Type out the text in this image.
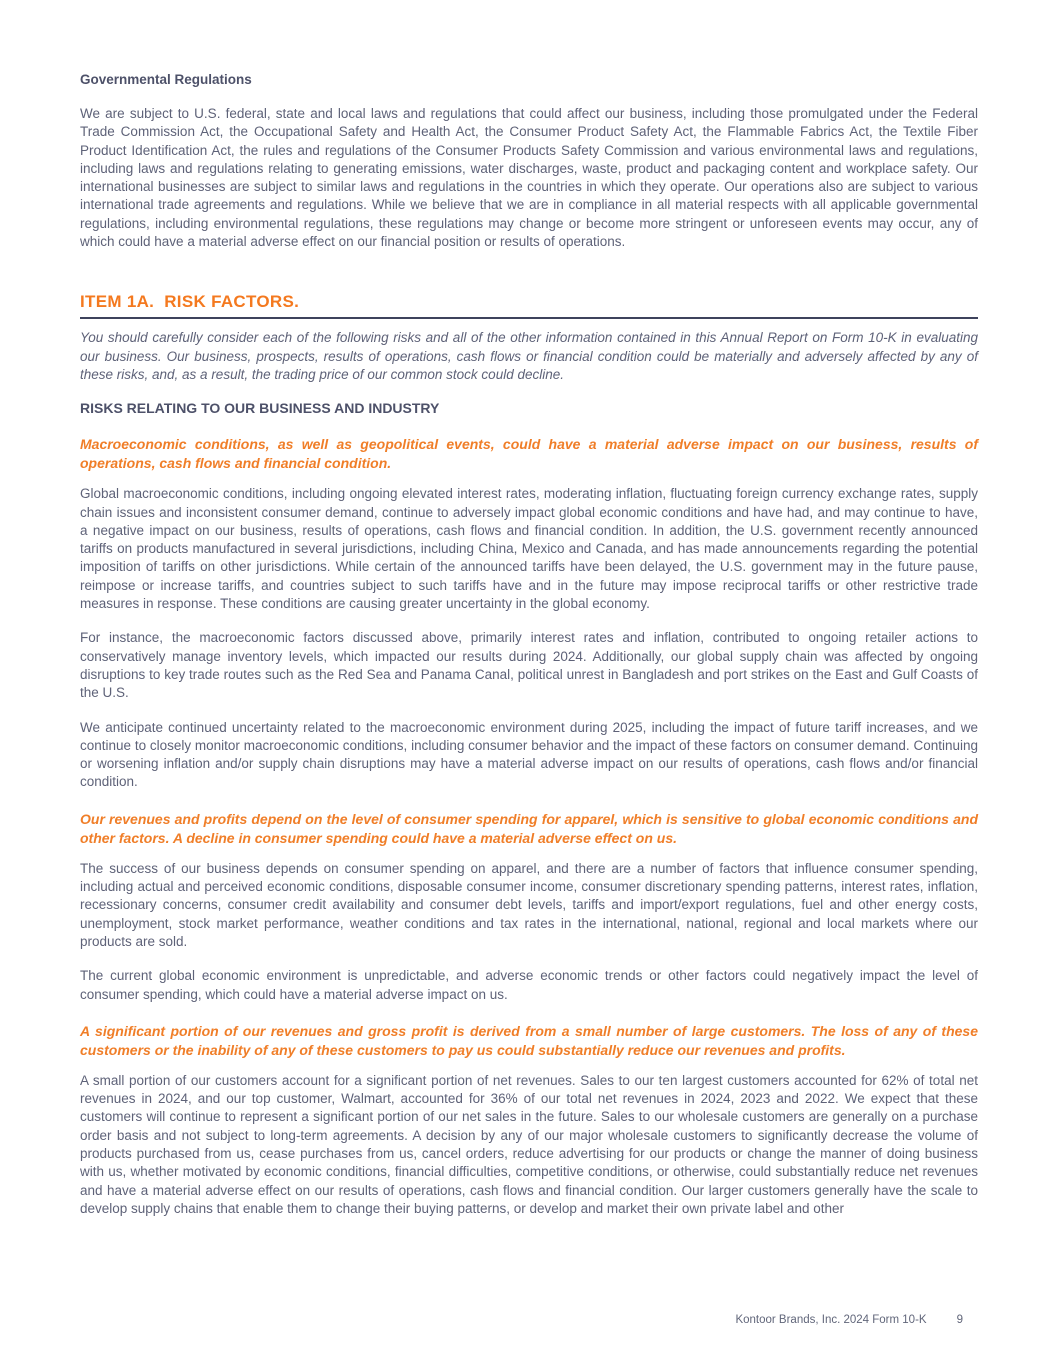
Governmental Regulations

We are subject to U.S. federal, state and local laws and regulations that could affect our business, including those promulgated under the Federal Trade Commission Act, the Occupational Safety and Health Act, the Consumer Product Safety Act, the Flammable Fabrics Act, the Textile Fiber Product Identification Act, the rules and regulations of the Consumer Products Safety Commission and various environmental laws and regulations, including laws and regulations relating to generating emissions, water discharges, waste, product and packaging content and workplace safety. Our international businesses are subject to similar laws and regulations in the countries in which they operate. Our operations also are subject to various international trade agreements and regulations. While we believe that we are in compliance in all material respects with all applicable governmental regulations, including environmental regulations, these regulations may change or become more stringent or unforeseen events may occur, any of which could have a material adverse effect on our financial position or results of operations.

ITEM 1A.  RISK FACTORS.

You should carefully consider each of the following risks and all of the other information contained in this Annual Report on Form 10-K in evaluating our business. Our business, prospects, results of operations, cash flows or financial condition could be materially and adversely affected by any of these risks, and, as a result, the trading price of our common stock could decline.

RISKS RELATING TO OUR BUSINESS AND INDUSTRY
Macroeconomic conditions, as well as geopolitical events, could have a material adverse impact on our business, results of operations, cash flows and financial condition.

Global macroeconomic conditions, including ongoing elevated interest rates, moderating inflation, fluctuating foreign currency exchange rates, supply chain issues and inconsistent consumer demand, continue to adversely impact global economic conditions and have had, and may continue to have, a negative impact on our business, results of operations, cash flows and financial condition. In addition, the U.S. government recently announced tariffs on products manufactured in several jurisdictions, including China, Mexico and Canada, and has made announcements regarding the potential imposition of tariffs on other jurisdictions. While certain of the announced tariffs have been delayed, the U.S. government may in the future pause, reimpose or increase tariffs, and countries subject to such tariffs have and in the future may impose reciprocal tariffs or other restrictive trade measures in response. These conditions are causing greater uncertainty in the global economy.

For instance, the macroeconomic factors discussed above, primarily interest rates and inflation, contributed to ongoing retailer actions to conservatively manage inventory levels, which impacted our results during 2024. Additionally, our global supply chain was affected by ongoing disruptions to key trade routes such as the Red Sea and Panama Canal, political unrest in Bangladesh and port strikes on the East and Gulf Coasts of the U.S.

We anticipate continued uncertainty related to the macroeconomic environment during 2025, including the impact of future tariff increases, and we continue to closely monitor macroeconomic conditions, including consumer behavior and the impact of these factors on consumer demand. Continuing or worsening inflation and/or supply chain disruptions may have a material adverse impact on our results of operations, cash flows and/or financial condition.

Our revenues and profits depend on the level of consumer spending for apparel, which is sensitive to global economic conditions and other factors. A decline in consumer spending could have a material adverse effect on us.

The success of our business depends on consumer spending on apparel, and there are a number of factors that influence consumer spending, including actual and perceived economic conditions, disposable consumer income, consumer discretionary spending patterns, interest rates, inflation, recessionary concerns, consumer credit availability and consumer debt levels, tariffs and import/export regulations, fuel and other energy costs, unemployment, stock market performance, weather conditions and tax rates in the international, national, regional and local markets where our products are sold.

The current global economic environment is unpredictable, and adverse economic trends or other factors could negatively impact the level of consumer spending, which could have a material adverse impact on us.

A significant portion of our revenues and gross profit is derived from a small number of large customers. The loss of any of these customers or the inability of any of these customers to pay us could substantially reduce our revenues and profits.

A small portion of our customers account for a significant portion of net revenues. Sales to our ten largest customers accounted for 62% of total net revenues in 2024, and our top customer, Walmart, accounted for 36% of our total net revenues in 2024, 2023 and 2022. We expect that these customers will continue to represent a significant portion of our net sales in the future. Sales to our wholesale customers are generally on a purchase order basis and not subject to long-term agreements. A decision by any of our major wholesale customers to significantly decrease the volume of products purchased from us, cease purchases from us, cancel orders, reduce advertising for our products or change the manner of doing business with us, whether motivated by economic conditions, financial difficulties, competitive conditions, or otherwise, could substantially reduce net revenues and have a material adverse effect on our results of operations, cash flows and financial condition. Our larger customers generally have the scale to develop supply chains that enable them to change their buying patterns, or develop and market their own private label and other

Kontoor Brands, Inc. 2024 Form 10-K	9
